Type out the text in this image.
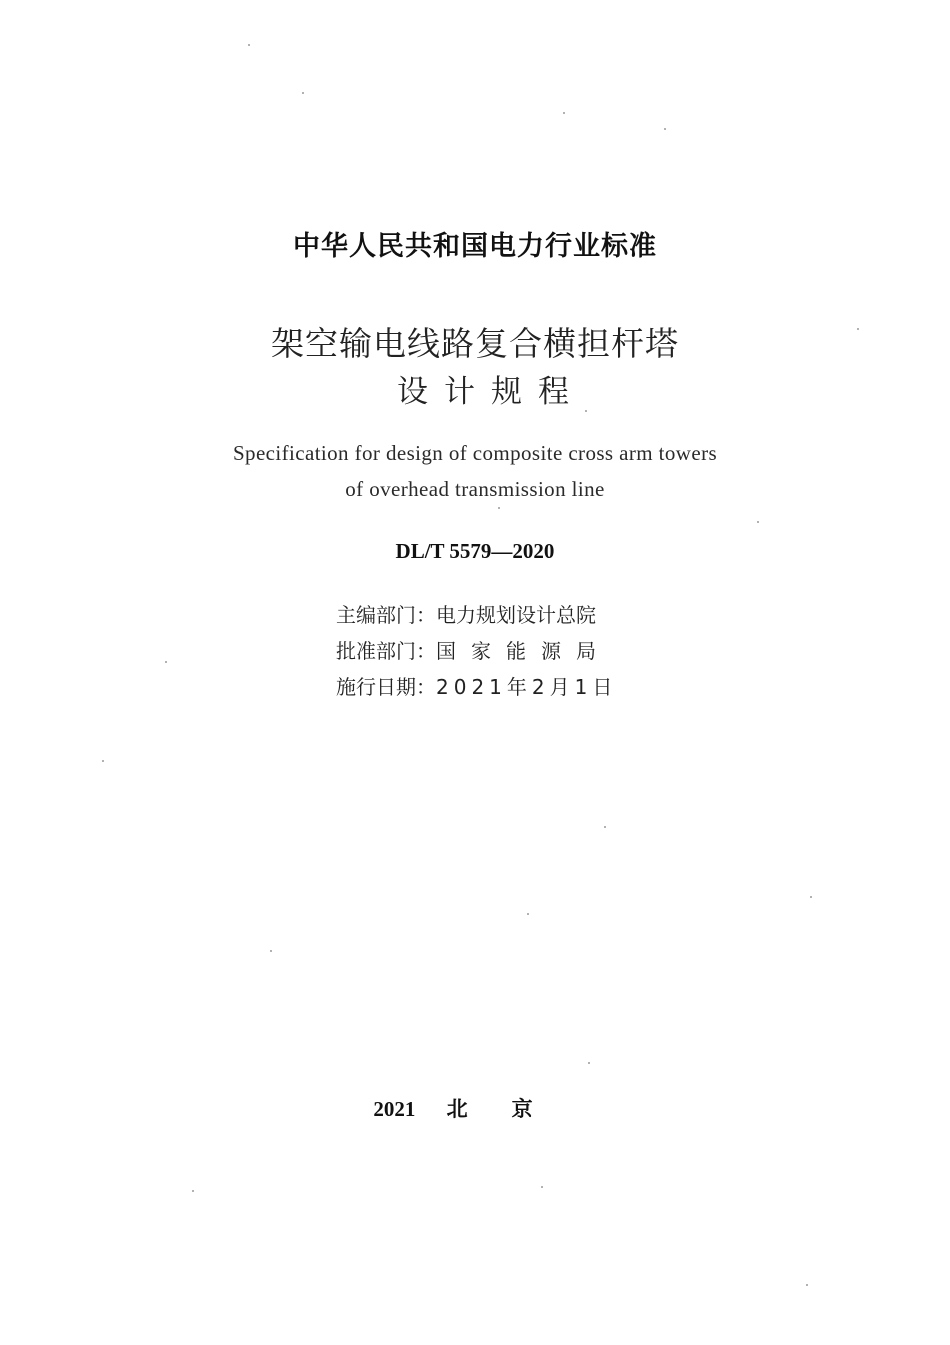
中华人民共和国电力行业标准
架空输电线路复合横担杆塔
设计规程
Specification for design of composite cross arm towers
of overhead transmission line
DL/T 5579—2020
主编部门：电力规划设计总院
批准部门：国家能源局
施行日期：2021年2月1日
2021 北京
